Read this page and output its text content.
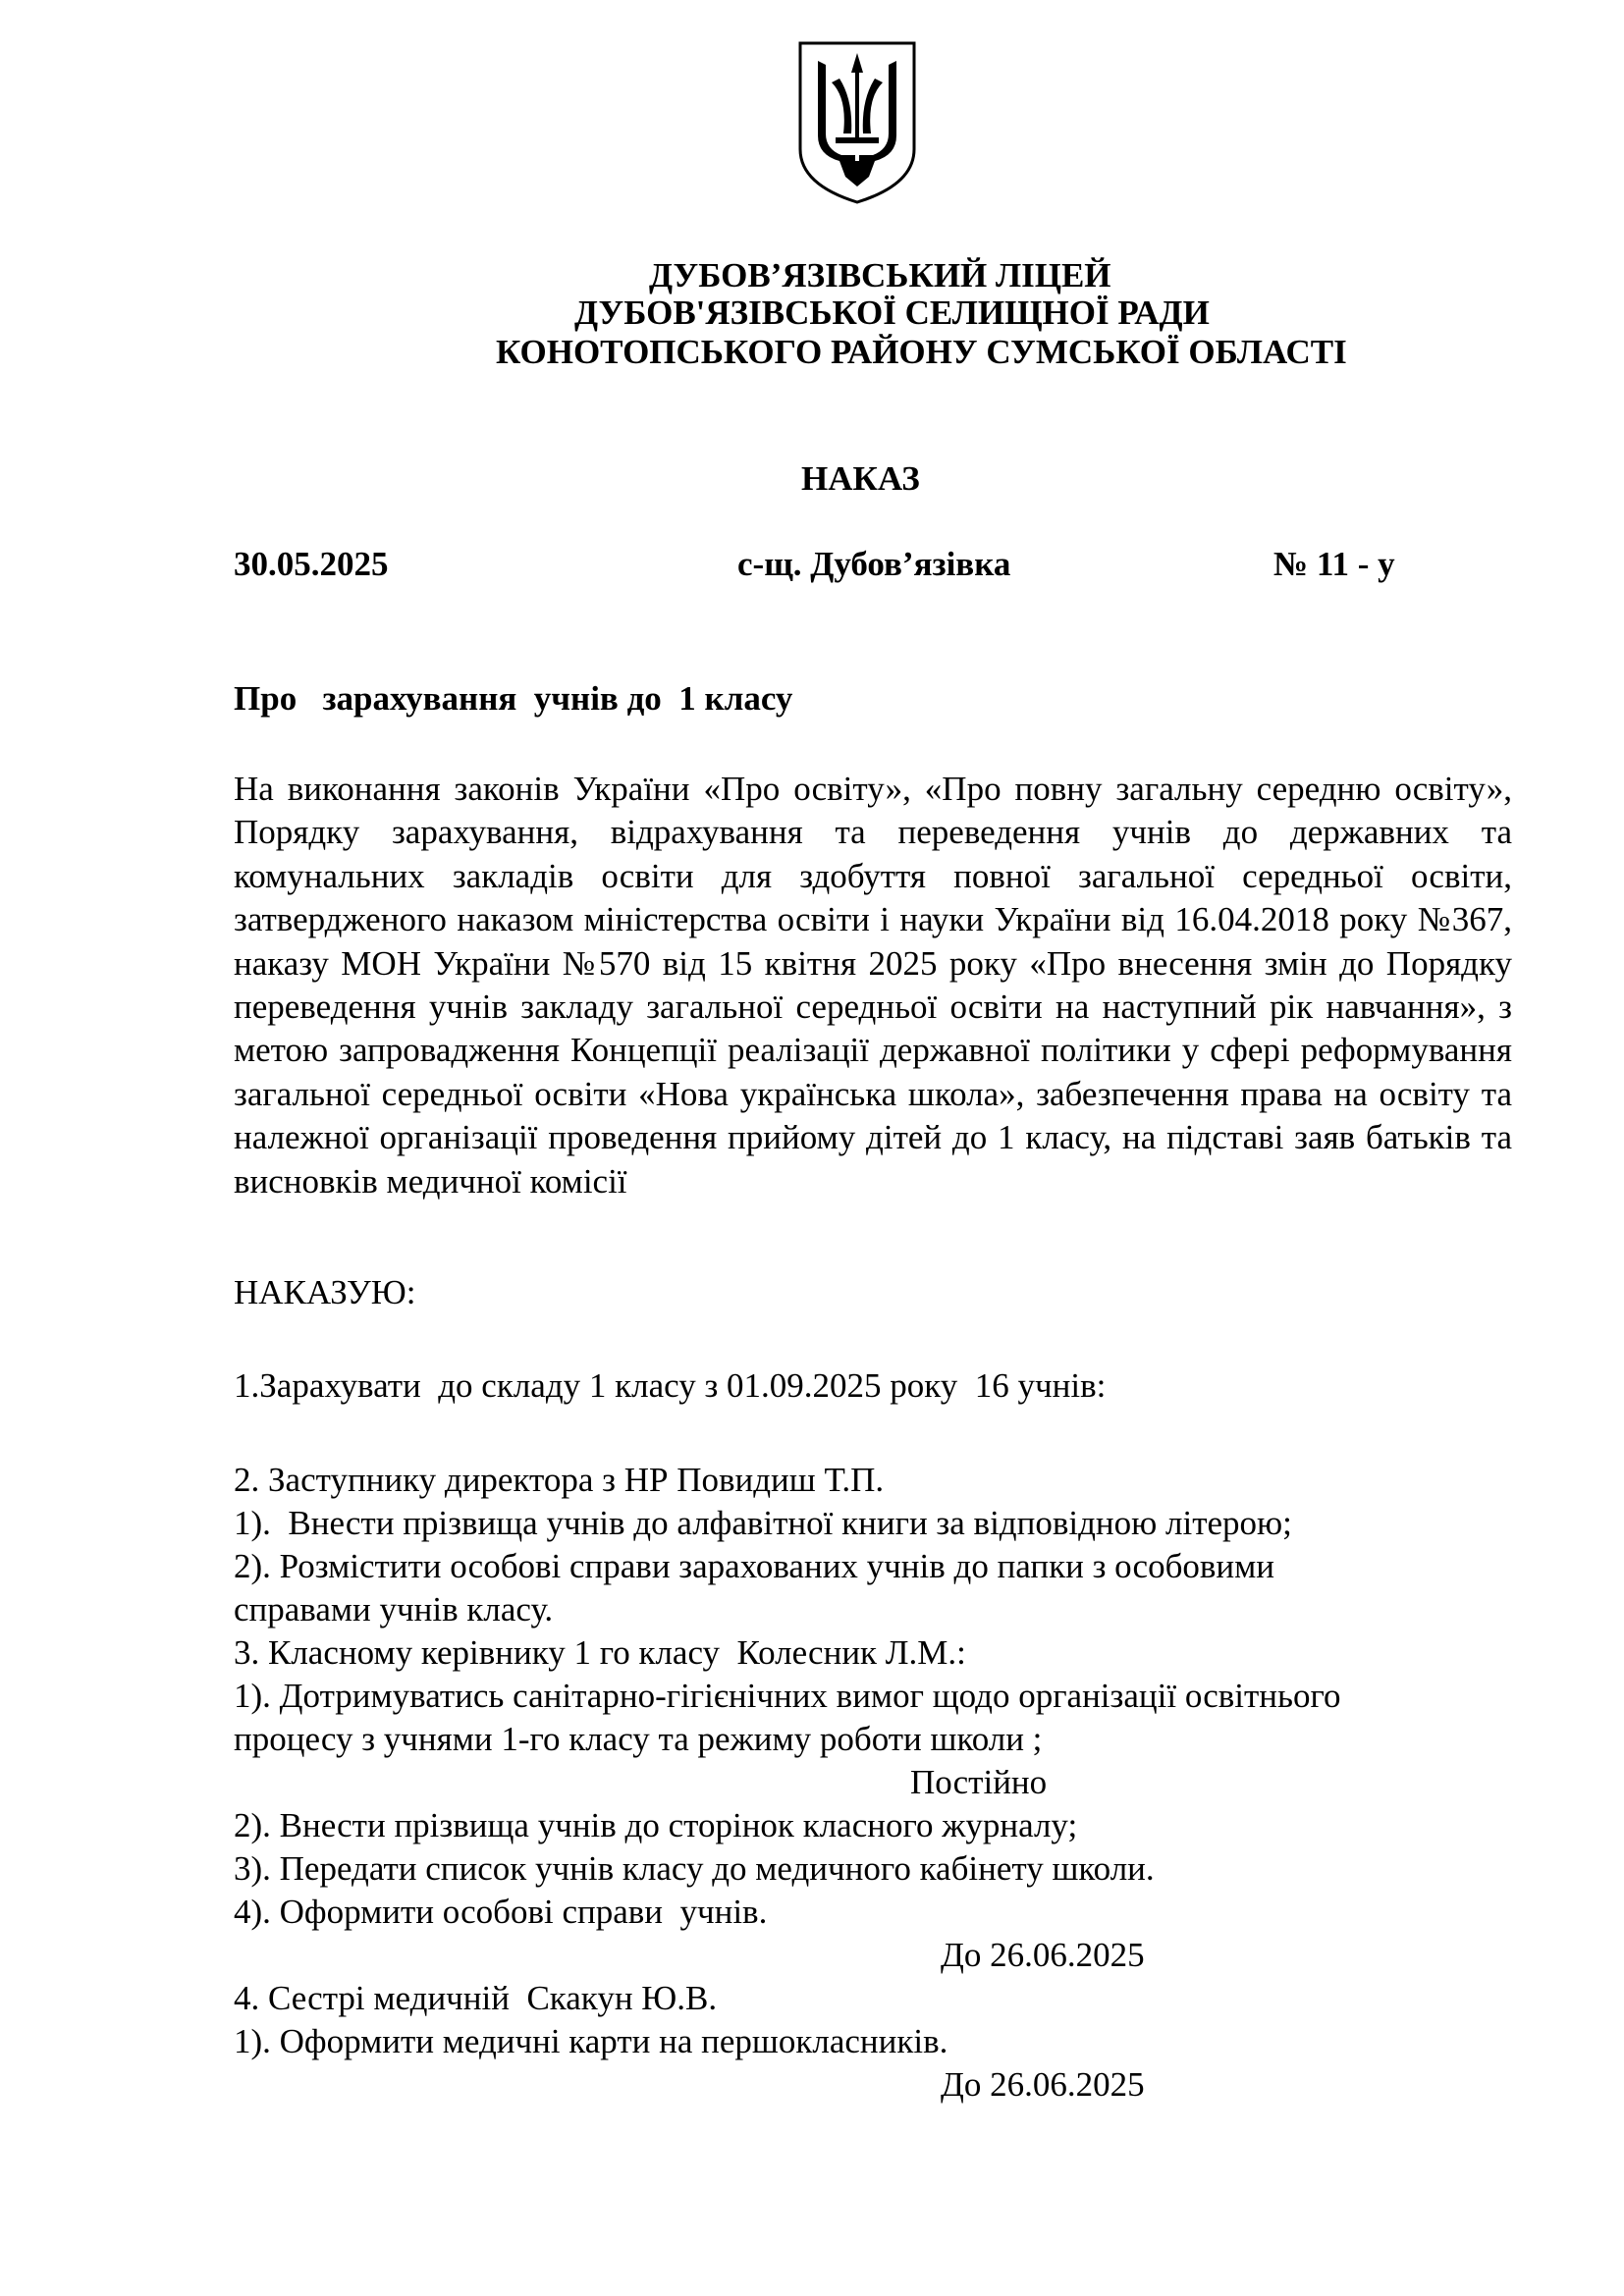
ДУБОВ’ЯЗІВСЬКИЙ ЛІЦЕЙ
ДУБОВ'ЯЗІВСЬКОЇ СЕЛИЩНОЇ РАДИ
КОНОТОПСЬКОГО РАЙОНУ СУМСЬКОЇ ОБЛАСТІ
НАКАЗ
30.05.2025	с-щ. Дубов’язівка	№ 11 - у
Про   зарахування  учнів до  1 класу
На виконання законів України «Про освіту», «Про повну загальну середню освіту», Порядку зарахування, відрахування та переведення учнів до державних та комунальних закладів освіти для здобуття повної загальної середньої освіти, затвердженого наказом міністерства освіти і науки України від 16.04.2018 року №367, наказу МОН України №570 від 15 квітня 2025 року «Про внесення змін до Порядку переведення учнів закладу загальної середньої освіти на наступний рік навчання», з метою запровадження Концепції реалізації державної політики у сфері реформування загальної середньої освіти «Нова українська школа», забезпечення права на освіту та належної організації проведення прийому дітей до 1 класу, на підставі заяв батьків та висновків медичної комісії
НАКАЗУЮ:
1.Зарахувати  до складу 1 класу з 01.09.2025 року  16 учнів:
2. Заступнику директора з НР Повидиш Т.П.
1).  Внести прізвища учнів до алфавітної книги за відповідною літерою;
2). Розмістити особові справи зарахованих учнів до папки з особовими
справами учнів класу.
3. Класному керівнику 1 го класу  Колесник Л.М.:
1). Дотримуватись санітарно-гігієнічних вимог щодо організації освітнього
процесу з учнями 1-го класу та режиму роботи школи ;
Постійно
2). Внести прізвища учнів до сторінок класного журналу;
3). Передати список учнів класу до медичного кабінету школи.
4). Оформити особові справи  учнів.
До 26.06.2025
4. Сестрі медичній  Скакун Ю.В.
1). Оформити медичні карти на першокласників.
До 26.06.2025
